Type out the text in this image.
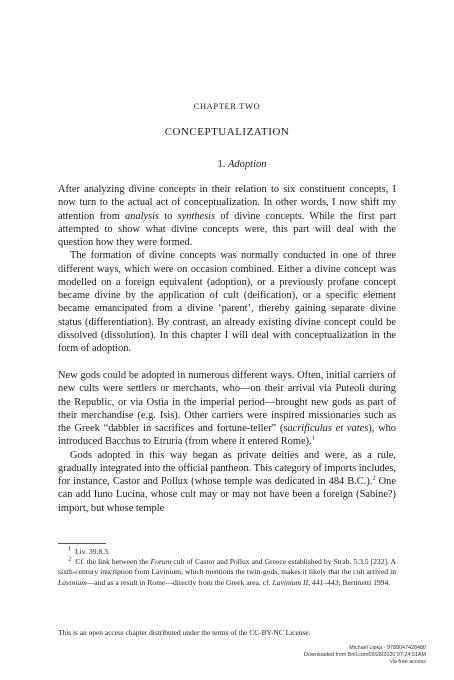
CHAPTER TWO
CONCEPTUALIZATION
1. Adoption

After analyzing divine concepts in their relation to six constituent concepts, I now turn to the actual act of conceptualization. In other words, I now shift my attention from analysis to synthesis of divine concepts. While the first part attempted to show what divine concepts were, this part will deal with the question how they were formed.

The formation of divine concepts was normally conducted in one of three different ways, which were on occasion combined. Either a divine concept was modelled on a foreign equivalent (adoption), or a previously profane concept became divine by the application of cult (deification), or a specific element became emancipated from a divine ‘parent’, thereby gaining separate divine status (differentiation). By contrast, an already existing divine concept could be dissolved (dissolution). In this chapter I will deal with conceptualization in the form of adoption.

New gods could be adopted in numerous different ways. Often, initial carriers of new cults were settlers or merchants, who—on their arrival via Puteoli during the Republic, or via Ostia in the imperial period—brought new gods as part of their merchandise (e.g. Isis). Other carriers were inspired missionaries such as the Greek “dabbler in sacrifices and fortune-teller” (sacrificulus et vates), who introduced Bacchus to Etruria (from where it entered Rome).$^1$

Gods adopted in this way began as private deities and were, as a rule, gradually integrated into the official pantheon. This category of imports includes, for instance, Castor and Pollux (whose temple was dedicated in 484 B.C.).$^2$ One can add Iuno Lucina, whose cult may or may not have been a foreign (Sabine?) import, but whose temple

$^1$ Liv. 39.8.3.

$^2$ Cf. the link between the Forum cult of Castor and Pollux and Greece established by Strab. 5.3.5 [232]. A sixth-century inscription from Lavinium, which mentions the twin-gods, makes it likely that the cult arrived in Lavinium—and as a result in Rome—directly from the Greek area, cf. Lavinium II, 441–443; Bertinetti 1994.

This is an open access chapter distributed under the terms of the CC-BY-NC License.
Michael Lipka - 9789047428480
Downloaded from Brill.com05/28/2020 07:24:51AM
via free access
